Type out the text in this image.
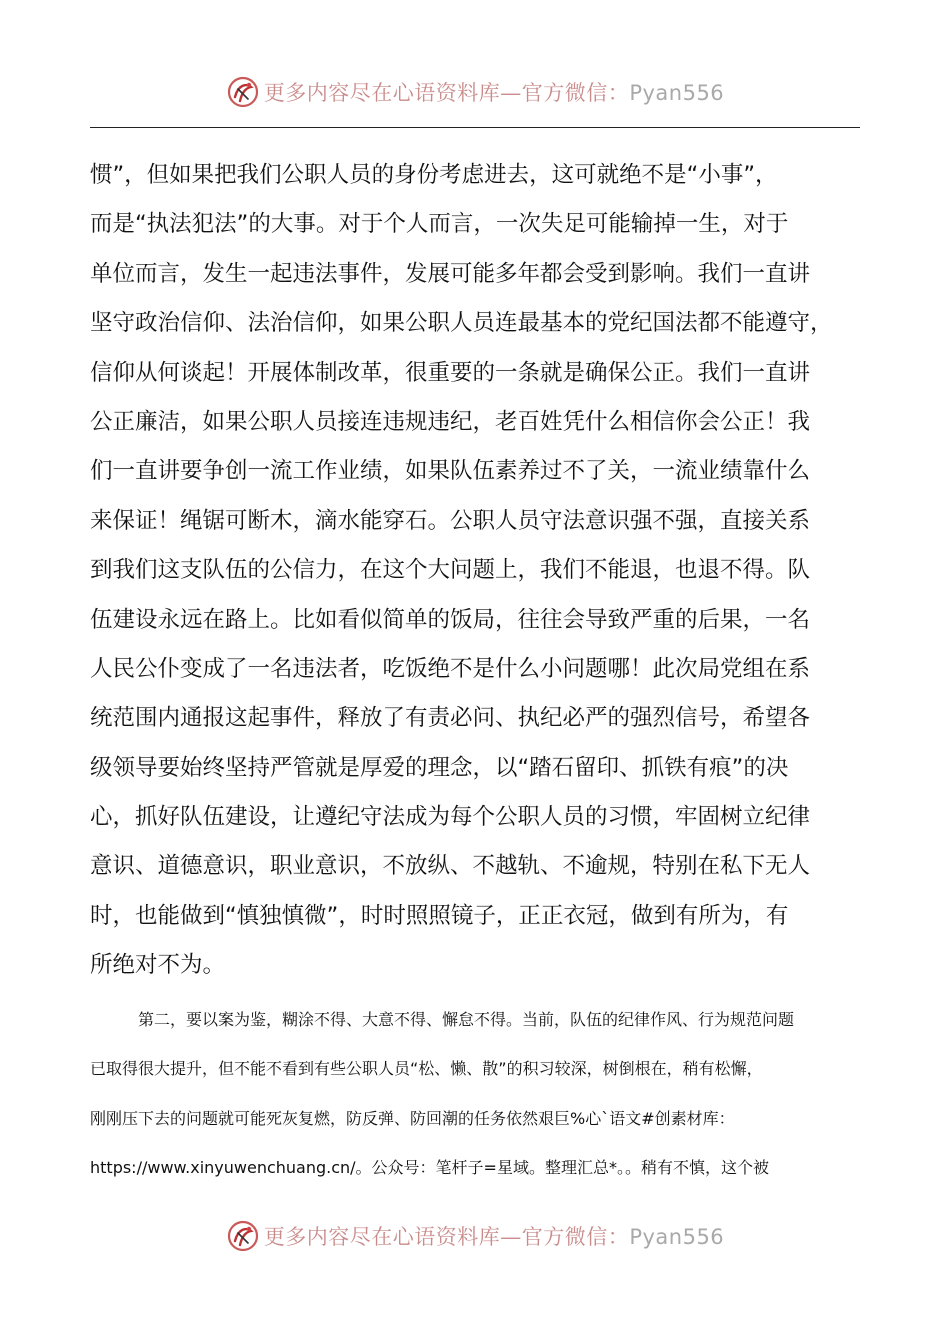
更多内容尽在心语资料库—官方微信：Pyan556
惯”，但如果把我们公职人员的身份考虑进去，这可就绝不是“小事”，
而是“执法犯法”的大事。对于个人而言，一次失足可能输掉一生，对于
单位而言，发生一起违法事件，发展可能多年都会受到影响。我们一直讲
坚守政治信仰、法治信仰，如果公职人员连最基本的党纪国法都不能遵守，
信仰从何谈起！开展体制改革，很重要的一条就是确保公正。我们一直讲
公正廉洁，如果公职人员接连违规违纪，老百姓凭什么相信你会公正！我
们一直讲要争创一流工作业绩，如果队伍素养过不了关，一流业绩靠什么
来保证！绳锯可断木，滴水能穿石。公职人员守法意识强不强，直接关系
到我们这支队伍的公信力，在这个大问题上，我们不能退，也退不得。队
伍建设永远在路上。比如看似简单的饭局，往往会导致严重的后果，一名
人民公仆变成了一名违法者，吃饭绝不是什么小问题哪！此次局党组在系
统范围内通报这起事件，释放了有责必问、执纪必严的强烈信号，希望各
级领导要始终坚持严管就是厚爱的理念，以“踏石留印、抓铁有痕”的决
心，抓好队伍建设，让遵纪守法成为每个公职人员的习惯，牢固树立纪律
意识、道德意识，职业意识，不放纵、不越轨、不逾规，特别在私下无人
时，也能做到“慎独慎微”，时时照照镜子，正正衣冠，做到有所为，有
所绝对不为。
第二，要以案为鉴，糊涂不得、大意不得、懈怠不得。当前，队伍的纪律作风、行为规范问题
已取得很大提升，但不能不看到有些公职人员“松、懒、散”的积习较深，树倒根在，稍有松懈，
刚刚压下去的问题就可能死灰复燃，防反弹、防回潮的任务依然艰巨%心`语文#创素材库：
https://www.xinyuwenchuang.cn/。公众号：笔杆子=星域。整理汇总*。。稍有不慎，这个被
更多内容尽在心语资料库—官方微信：Pyan556
